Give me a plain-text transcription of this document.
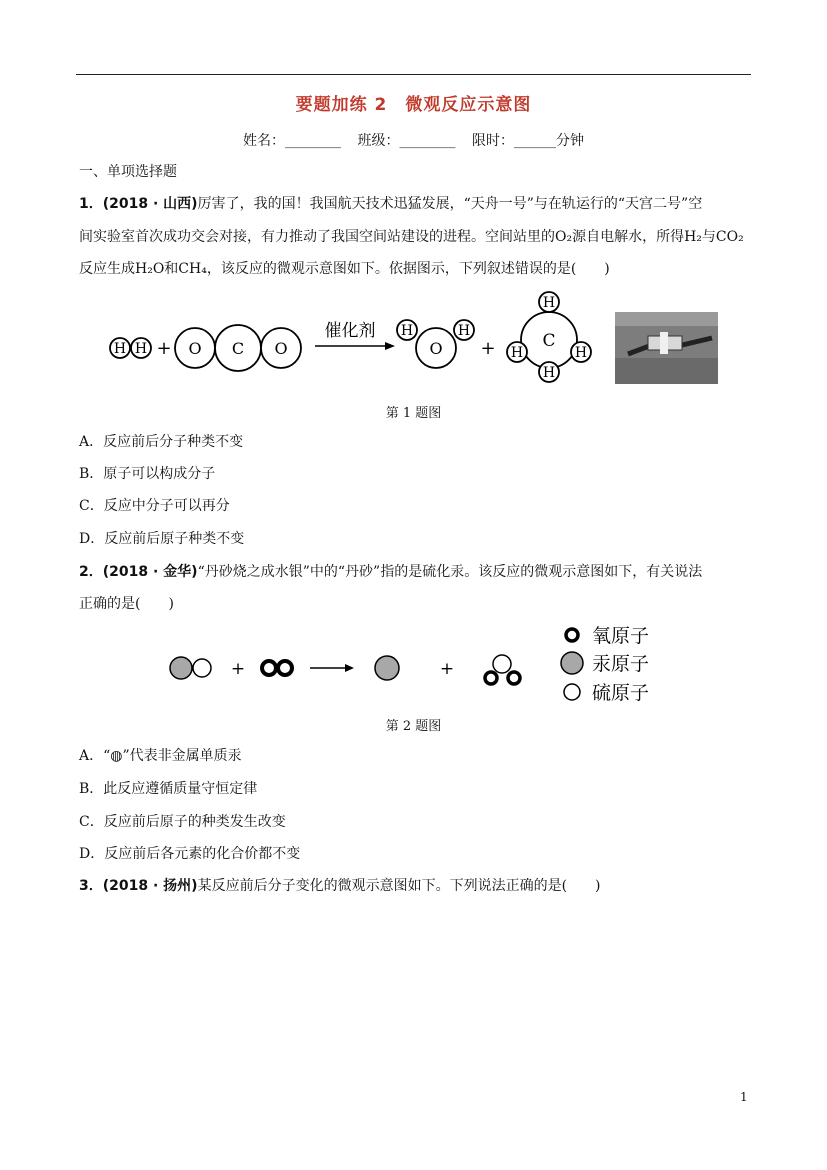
要题加练 2　微观反应示意图
姓名：________ 班级：________ 限时：______分钟
一、单项选择题
1．(2018 · 山西)厉害了，我的国！我国航天技术迅猛发展，“天舟一号”与在轨运行的“天宫二号”空
间实验室首次成功交会对接，有力推动了我国空间站建设的进程。空间站里的O₂源自电解水，所得H₂与CO₂
反应生成H₂O和CH₄，该反应的微观示意图如下。依据图示，下列叙述错误的是(　　)
H H + O C O
催化剂
O
H	H
+	C
H
H
H	H
第 1 题图
A．反应前后分子种类不变
B．原子可以构成分子
C．反应中分子可以再分
D．反应前后原子种类不变
2．(2018 · 金华)“丹砂烧之成水银”中的“丹砂”指的是硫化汞。该反应的微观示意图如下，有关说法
正确的是(　　)
+	+
氧原子
汞原子
硫原子
第 2 题图
A．“◍”代表非金属单质汞
B．此反应遵循质量守恒定律
C．反应前后原子的种类发生改变
D．反应前后各元素的化合价都不变
3．(2018 · 扬州)某反应前后分子变化的微观示意图如下。下列说法正确的是(　　)
1
